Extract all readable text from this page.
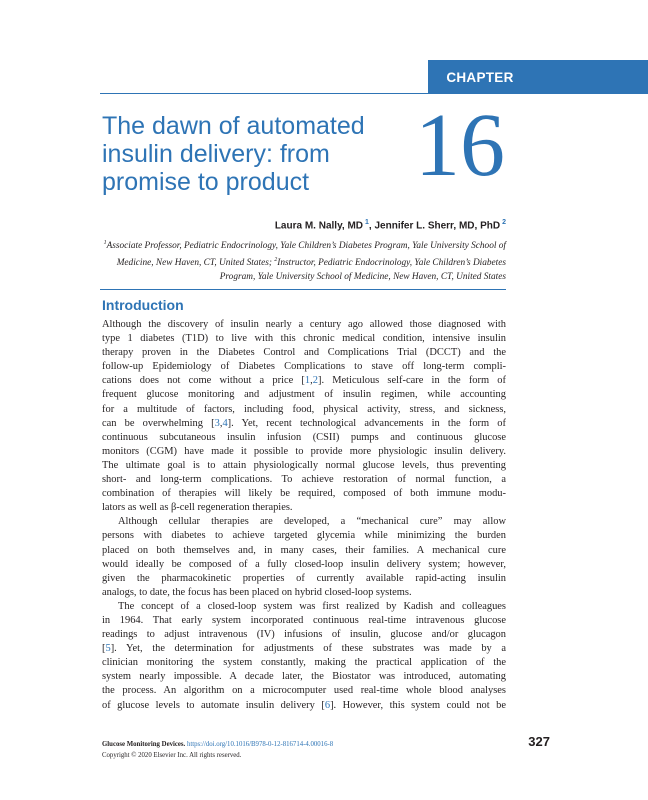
CHAPTER
The dawn of automated
insulin delivery: from
promise to product	16
Laura M. Nally, MD  $^1$, Jennifer L. Sherr, MD, PhD  $^2$
$^1$Associate Professor, Pediatric Endocrinology, Yale Children’s Diabetes Program, Yale University School of Medicine, New Haven, CT, United States; $^2$Instructor, Pediatric Endocrinology, Yale Children’s Diabetes Program, Yale University School of Medicine, New Haven, CT, United States
Introduction
Although the discovery of insulin nearly a century ago allowed those diagnosed with
type 1 diabetes (T1D) to live with this chronic medical condition, intensive insulin
therapy proven in the Diabetes Control and Complications Trial (DCCT) and the
follow-up Epidemiology of Diabetes Complications to stave off long-term compli-
cations does not come without a price [1,2]. Meticulous self-care in the form of
frequent glucose monitoring and adjustment of insulin regimen, while accounting
for a multitude of factors, including food, physical activity, stress, and sickness,
can be overwhelming [3,4]. Yet, recent technological advancements in the form of
continuous subcutaneous insulin infusion (CSII) pumps and continuous glucose
monitors (CGM) have made it possible to provide more physiologic insulin delivery.
The ultimate goal is to attain physiologically normal glucose levels, thus preventing
short- and long-term complications. To achieve restoration of normal function, a
combination of therapies will likely be required, composed of both immune modu-
lators as well as β-cell regeneration therapies.
Although cellular therapies are developed, a “mechanical cure” may allow
persons with diabetes to achieve targeted glycemia while minimizing the burden
placed on both themselves and, in many cases, their families. A mechanical cure
would ideally be composed of a fully closed-loop insulin delivery system; however,
given the pharmacokinetic properties of currently available rapid-acting insulin
analogs, to date, the focus has been placed on hybrid closed-loop systems.
The concept of a closed-loop system was first realized by Kadish and colleagues
in 1964. That early system incorporated continuous real-time intravenous glucose
readings to adjust intravenous (IV) infusions of insulin, glucose and/or glucagon
[5]. Yet, the determination for adjustments of these substrates was made by a
clinician monitoring the system constantly, making the practical application of the
system nearly impossible. A decade later, the Biostator was introduced, automating
the process. An algorithm on a microcomputer used real-time whole blood analyses
of glucose levels to automate insulin delivery [6]. However, this system could not be
Glucose Monitoring Devices. https://doi.org/10.1016/B978-0-12-816714-4.00016-8
Copyright © 2020 Elsevier Inc. All rights reserved.
327
